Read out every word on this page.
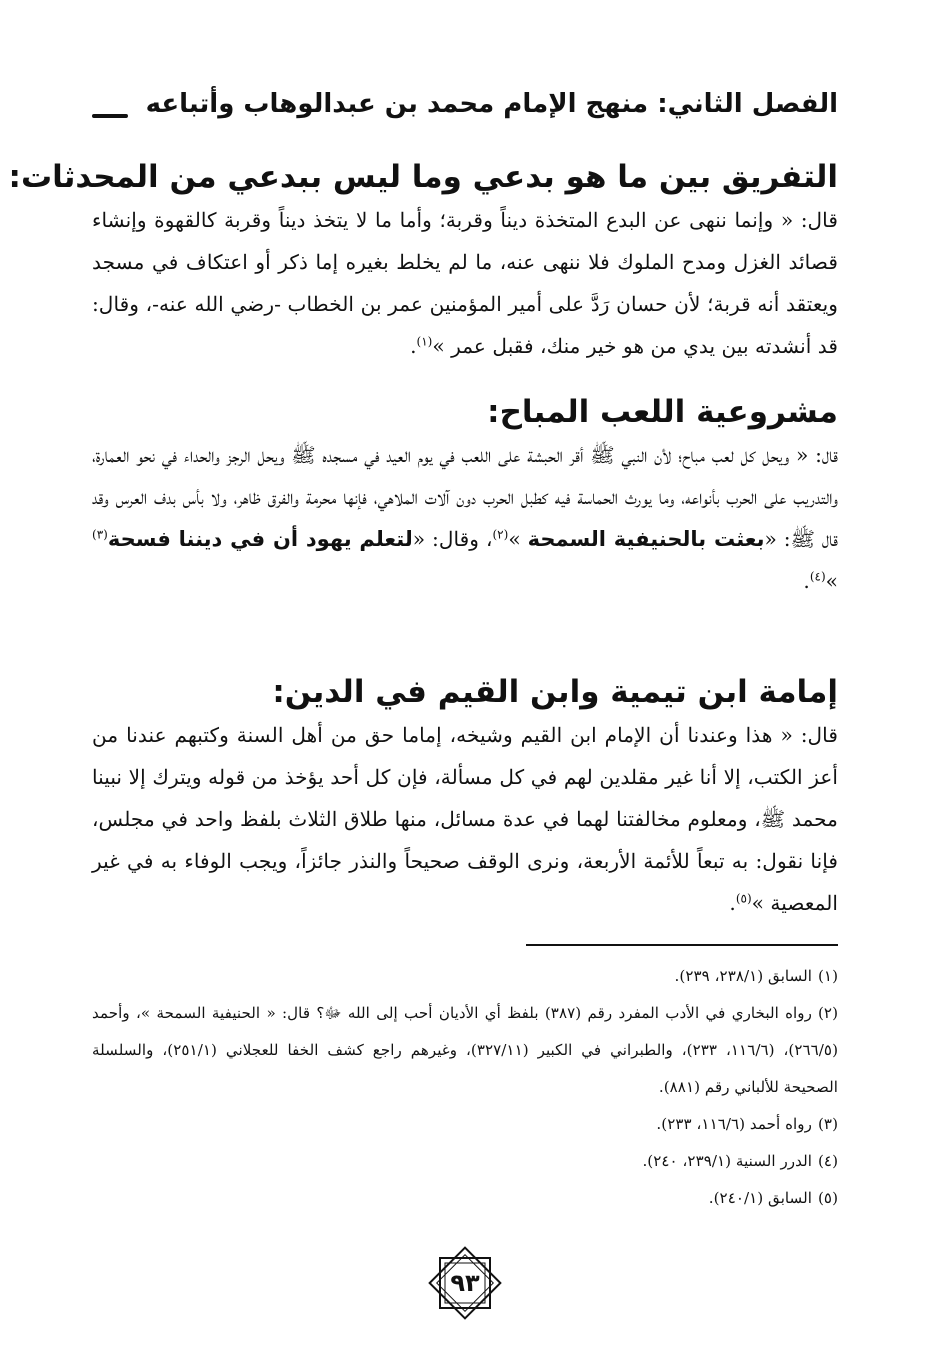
الفصل الثاني: منهج الإمام محمد بن عبدالوهاب وأتباعه
التفريق بين ما هو بدعي وما ليس ببدعي من المحدثات:
قال: « وإنما ننهى عن البدع المتخذة ديناً وقربة؛ وأما ما لا يتخذ ديناً وقربة كالقهوة وإنشاء قصائد الغزل ومدح الملوك فلا ننهى عنه، ما لم يخلط بغيره إما ذكر أو اعتكاف في مسجد ويعتقد أنه قربة؛ لأن حسان رَدَّ على أمير المؤمنين عمر بن الخطاب -رضي الله عنه-، وقال: قد أنشدته بين يدي من هو خير منك، فقبل عمر »$^{(١)}$.
مشروعية اللعب المباح:
قال: « ويحل كل لعب مباح؛ لأن النبي ﷺ أقر الحبشة على اللعب في يوم العيد في مسجده ﷺ ويحل الرجز والحداء في نحو العمارة، والتدريب على الحرب بأنواعه، وما يورث الحماسة فيه كطبل الحرب دون آلات الملاهي، فإنها محرمة والفرق ظاهر، ولا بأس بدف العرس وقد قال ﷺ: «بعثت بالحنيفية السمحة »$^{(٢)}$، وقال: «لتعلم يهود أن في ديننا فسحة$^{(٣)}$ »$^{(٤)}$.
إمامة ابن تيمية وابن القيم في الدين:
قال: « هذا وعندنا أن الإمام ابن القيم وشيخه، إماما حق من أهل السنة وكتبهم عندنا من أعز الكتب، إلا أنا غير مقلدين لهم في كل مسألة، فإن كل أحد يؤخذ من قوله ويترك إلا نبينا محمد ﷺ، ومعلوم مخالفتنا لهما في عدة مسائل، منها طلاق الثلاث بلفظ واحد في مجلس، فإنا نقول: به تبعاً للأئمة الأربعة، ونرى الوقف صحيحاً والنذر جائزاً، ويجب الوفاء به في غير المعصية »$^{(٥)}$.
(١)السابق (٢٣٨/١، ٢٣٩).
(٢)رواه البخاري في الأدب المفرد رقم (٣٨٧) بلفظ أي الأديان أحب إلى الله ﷻ؟ قال: « الحنيفية السمحة »، وأحمد (٢٦٦/٥)، (١١٦/٦، ٢٣٣)، والطبراني في الكبير (٣٢٧/١١)، وغيرهم راجع كشف الخفا للعجلاني (٢٥١/١)، والسلسلة الصحيحة للألباني رقم (٨٨١).
(٣)رواه أحمد (١١٦/٦، ٢٣٣).
(٤)الدرر السنية (٢٣٩/١، ٢٤٠).
(٥)السابق (٢٤٠/١).
٩٣
